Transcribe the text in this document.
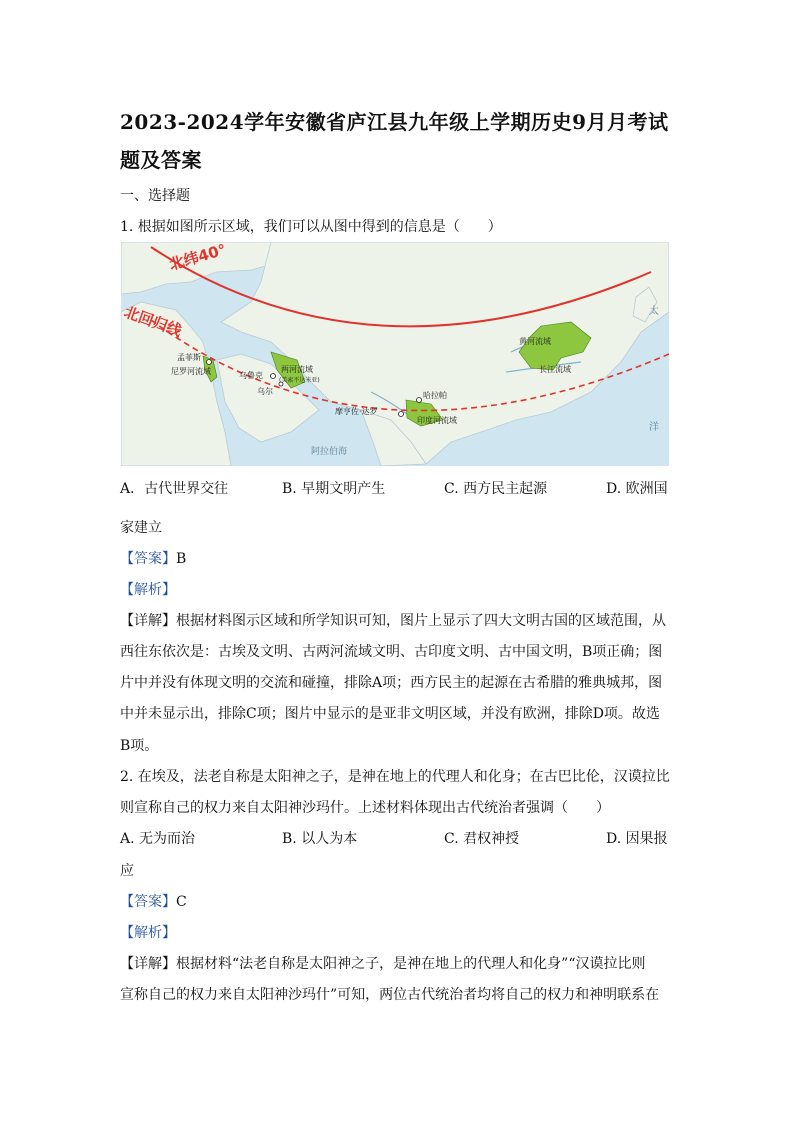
2023-2024学年安徽省庐江县九年级上学期历史9月月考试题及答案
一、选择题
1. 根据如图所示区域，我们可以从图中得到的信息是（　　）
北纬40°
北回归线
孟菲斯
尼罗河流域	乌鲁克
乌尔
两河流域
(美索不达米亚)
摩亨佐·达罗
哈拉帕
印度河流域
黄河流域
长江流域
阿拉伯海
太
洋
A．古代世界交往	B. 早期文明产生	C. 西方民主起源	D. 欧洲国
家建立
【答案】B
【解析】
【详解】根据材料图示区域和所学知识可知，图片上显示了四大文明古国的区域范围，从
西往东依次是：古埃及文明、古两河流域文明、古印度文明、古中国文明，B项正确；图
片中并没有体现文明的交流和碰撞，排除A项；西方民主的起源在古希腊的雅典城邦，图
中并未显示出，排除C项；图片中显示的是亚非文明区域，并没有欧洲，排除D项。故选
B项。
2. 在埃及，法老自称是太阳神之子，是神在地上的代理人和化身；在古巴比伦，汉谟拉比
则宣称自己的权力来自太阳神沙玛什。上述材料体现出古代统治者强调（　　）
A. 无为而治	B. 以人为本	C. 君权神授	D. 因果报
应
【答案】C
【解析】
【详解】根据材料“法老自称是太阳神之子，是神在地上的代理人和化身”“汉谟拉比则
宣称自己的权力来自太阳神沙玛什”可知，两位古代统治者均将自己的权力和神明联系在
